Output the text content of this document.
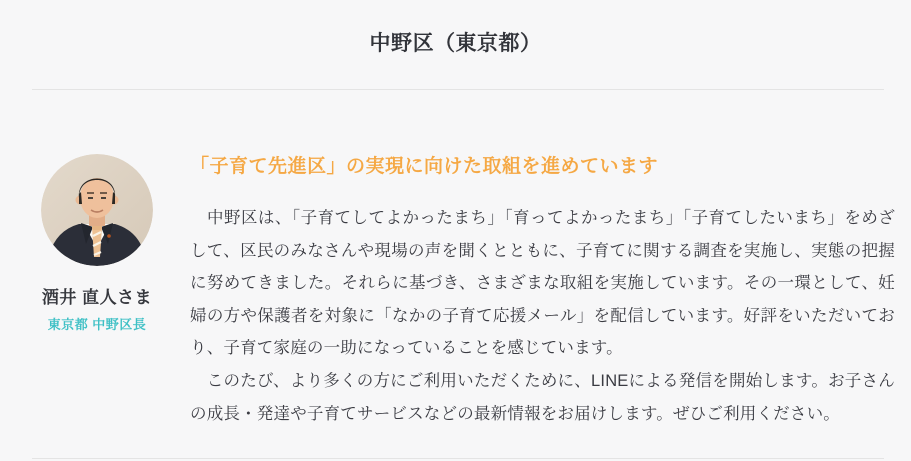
中野区（東京都）
酒井 直人さま
東京都 中野区長
「子育て先進区」の実現に向けた取組を進めています

　中野区は、「子育てしてよかったまち」「育ってよかったまち」「子育てしたいまち」をめざして、区民のみなさんや現場の声を聞くとともに、子育てに関する調査を実施し、実態の把握に努めてきました。それらに基づき、さまざまな取組を実施しています。その一環として、妊婦の方や保護者を対象に「なかの子育て応援メール」を配信しています。好評をいただいており、子育て家庭の一助になっていることを感じています。

　このたび、より多くの方にご利用いただくために、LINEによる発信を開始します。お子さんの成長・発達や子育てサービスなどの最新情報をお届けします。ぜひご利用ください。
